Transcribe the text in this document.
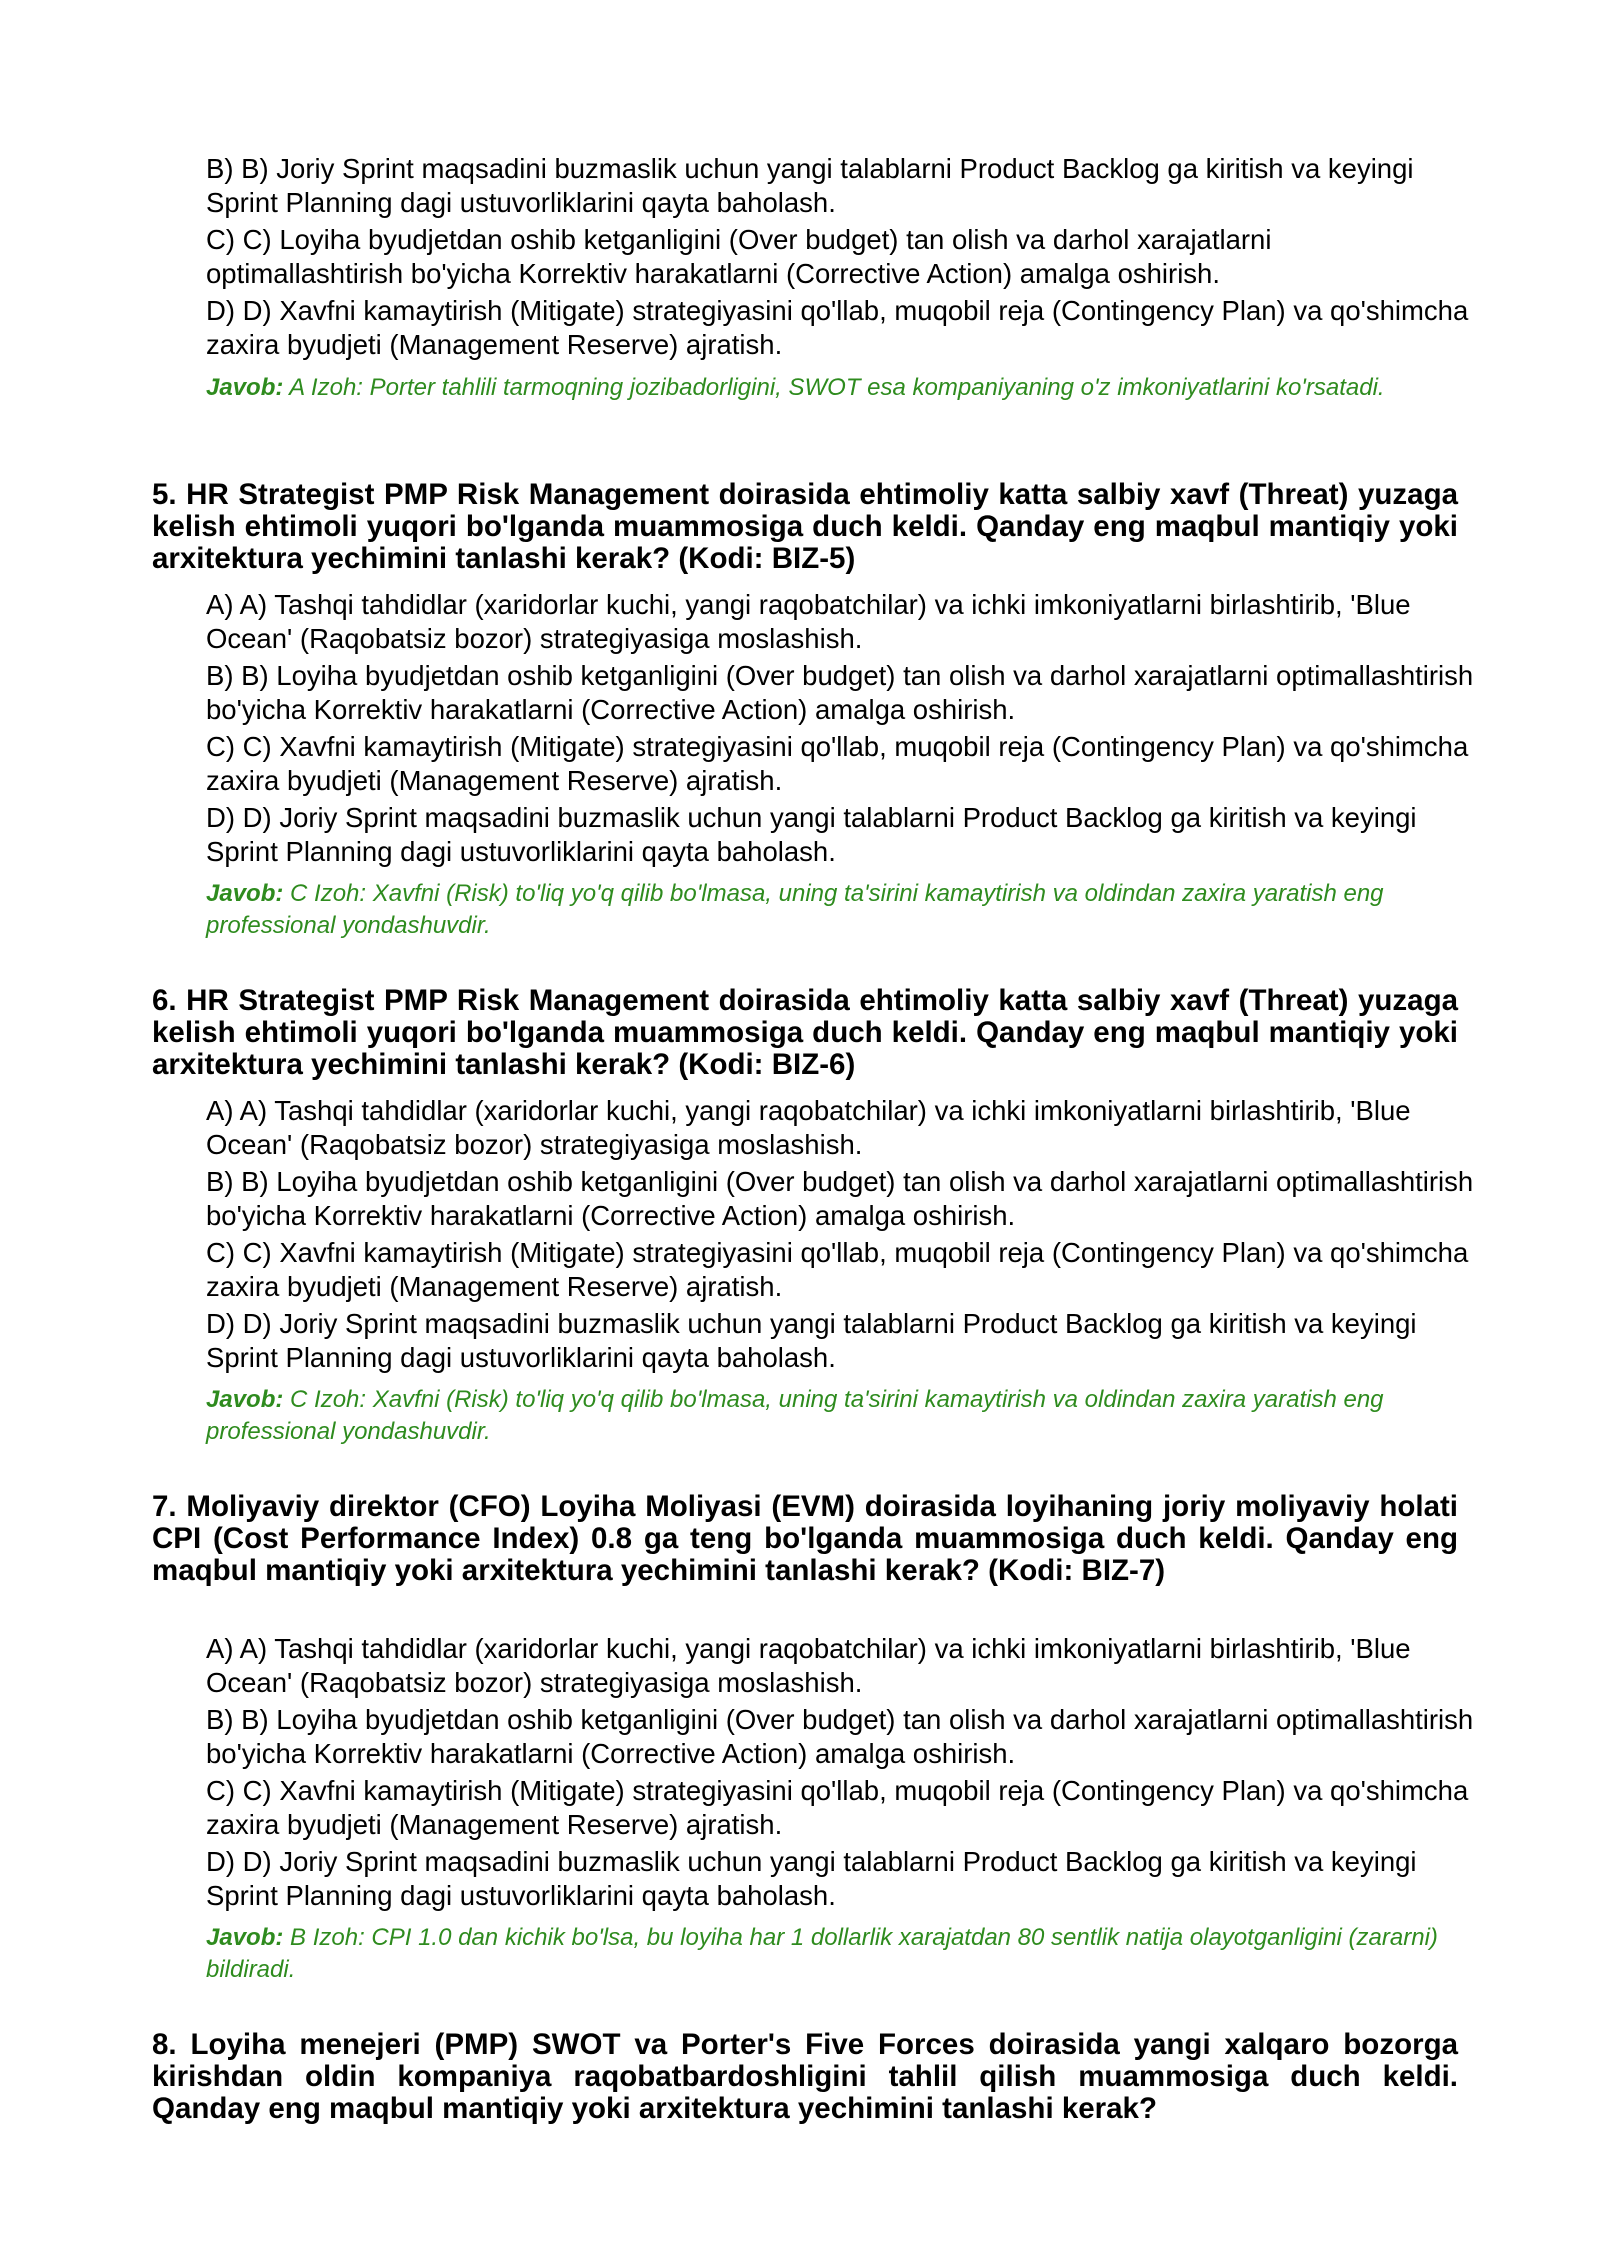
B) B) Joriy Sprint maqsadini buzmaslik uchun yangi talablarni Product Backlog ga kiritish va keyingi Sprint Planning dagi ustuvorliklarini qayta baholash.
C) C) Loyiha byudjetdan oshib ketganligini (Over budget) tan olish va darhol xarajatlarni optimallashtirish bo'yicha Korrektiv harakatlarni (Corrective Action) amalga oshirish.
D) D) Xavfni kamaytirish (Mitigate) strategiyasini qo'llab, muqobil reja (Contingency Plan) va qo'shimcha zaxira byudjeti (Management Reserve) ajratish.
Javob: A Izoh: Porter tahlili tarmoqning jozibadorligini, SWOT esa kompaniyaning o'z imkoniyatlarini ko'rsatadi.
5. HR Strategist PMP Risk Management doirasida ehtimoliy katta salbiy xavf (Threat) yuzaga kelish ehtimoli yuqori bo'lganda muammosiga duch keldi. Qanday eng maqbul mantiqiy yoki arxitektura yechimini tanlashi kerak? (Kodi: BIZ-5)
A) A) Tashqi tahdidlar (xaridorlar kuchi, yangi raqobatchilar) va ichki imkoniyatlarni birlashtirib, 'Blue Ocean' (Raqobatsiz bozor) strategiyasiga moslashish.
B) B) Loyiha byudjetdan oshib ketganligini (Over budget) tan olish va darhol xarajatlarni optimallashtirish bo'yicha Korrektiv harakatlarni (Corrective Action) amalga oshirish.
C) C) Xavfni kamaytirish (Mitigate) strategiyasini qo'llab, muqobil reja (Contingency Plan) va qo'shimcha zaxira byudjeti (Management Reserve) ajratish.
D) D) Joriy Sprint maqsadini buzmaslik uchun yangi talablarni Product Backlog ga kiritish va keyingi Sprint Planning dagi ustuvorliklarini qayta baholash.
Javob: C Izoh: Xavfni (Risk) to'liq yo'q qilib bo'lmasa, uning ta'sirini kamaytirish va oldindan zaxira yaratish eng professional yondashuvdir.
6. HR Strategist PMP Risk Management doirasida ehtimoliy katta salbiy xavf (Threat) yuzaga kelish ehtimoli yuqori bo'lganda muammosiga duch keldi. Qanday eng maqbul mantiqiy yoki arxitektura yechimini tanlashi kerak? (Kodi: BIZ-6)
A) A) Tashqi tahdidlar (xaridorlar kuchi, yangi raqobatchilar) va ichki imkoniyatlarni birlashtirib, 'Blue Ocean' (Raqobatsiz bozor) strategiyasiga moslashish.
B) B) Loyiha byudjetdan oshib ketganligini (Over budget) tan olish va darhol xarajatlarni optimallashtirish bo'yicha Korrektiv harakatlarni (Corrective Action) amalga oshirish.
C) C) Xavfni kamaytirish (Mitigate) strategiyasini qo'llab, muqobil reja (Contingency Plan) va qo'shimcha zaxira byudjeti (Management Reserve) ajratish.
D) D) Joriy Sprint maqsadini buzmaslik uchun yangi talablarni Product Backlog ga kiritish va keyingi Sprint Planning dagi ustuvorliklarini qayta baholash.
Javob: C Izoh: Xavfni (Risk) to'liq yo'q qilib bo'lmasa, uning ta'sirini kamaytirish va oldindan zaxira yaratish eng professional yondashuvdir.
7. Moliyaviy direktor (CFO) Loyiha Moliyasi (EVM) doirasida loyihaning joriy moliyaviy holati CPI (Cost Performance Index) 0.8 ga teng bo'lganda muammosiga duch keldi. Qanday eng maqbul mantiqiy yoki arxitektura yechimini tanlashi kerak? (Kodi: BIZ-7)
A) A) Tashqi tahdidlar (xaridorlar kuchi, yangi raqobatchilar) va ichki imkoniyatlarni birlashtirib, 'Blue Ocean' (Raqobatsiz bozor) strategiyasiga moslashish.
B) B) Loyiha byudjetdan oshib ketganligini (Over budget) tan olish va darhol xarajatlarni optimallashtirish bo'yicha Korrektiv harakatlarni (Corrective Action) amalga oshirish.
C) C) Xavfni kamaytirish (Mitigate) strategiyasini qo'llab, muqobil reja (Contingency Plan) va qo'shimcha zaxira byudjeti (Management Reserve) ajratish.
D) D) Joriy Sprint maqsadini buzmaslik uchun yangi talablarni Product Backlog ga kiritish va keyingi Sprint Planning dagi ustuvorliklarini qayta baholash.
Javob: B Izoh: CPI 1.0 dan kichik bo'lsa, bu loyiha har 1 dollarlik xarajatdan 80 sentlik natija olayotganligini (zararni) bildiradi.
8. Loyiha menejeri (PMP) SWOT va Porter's Five Forces doirasida yangi xalqaro bozorga kirishdan oldin kompaniya raqobatbardoshligini tahlil qilish muammosiga duch keldi. Qanday eng maqbul mantiqiy yoki arxitektura yechimini tanlashi kerak?
